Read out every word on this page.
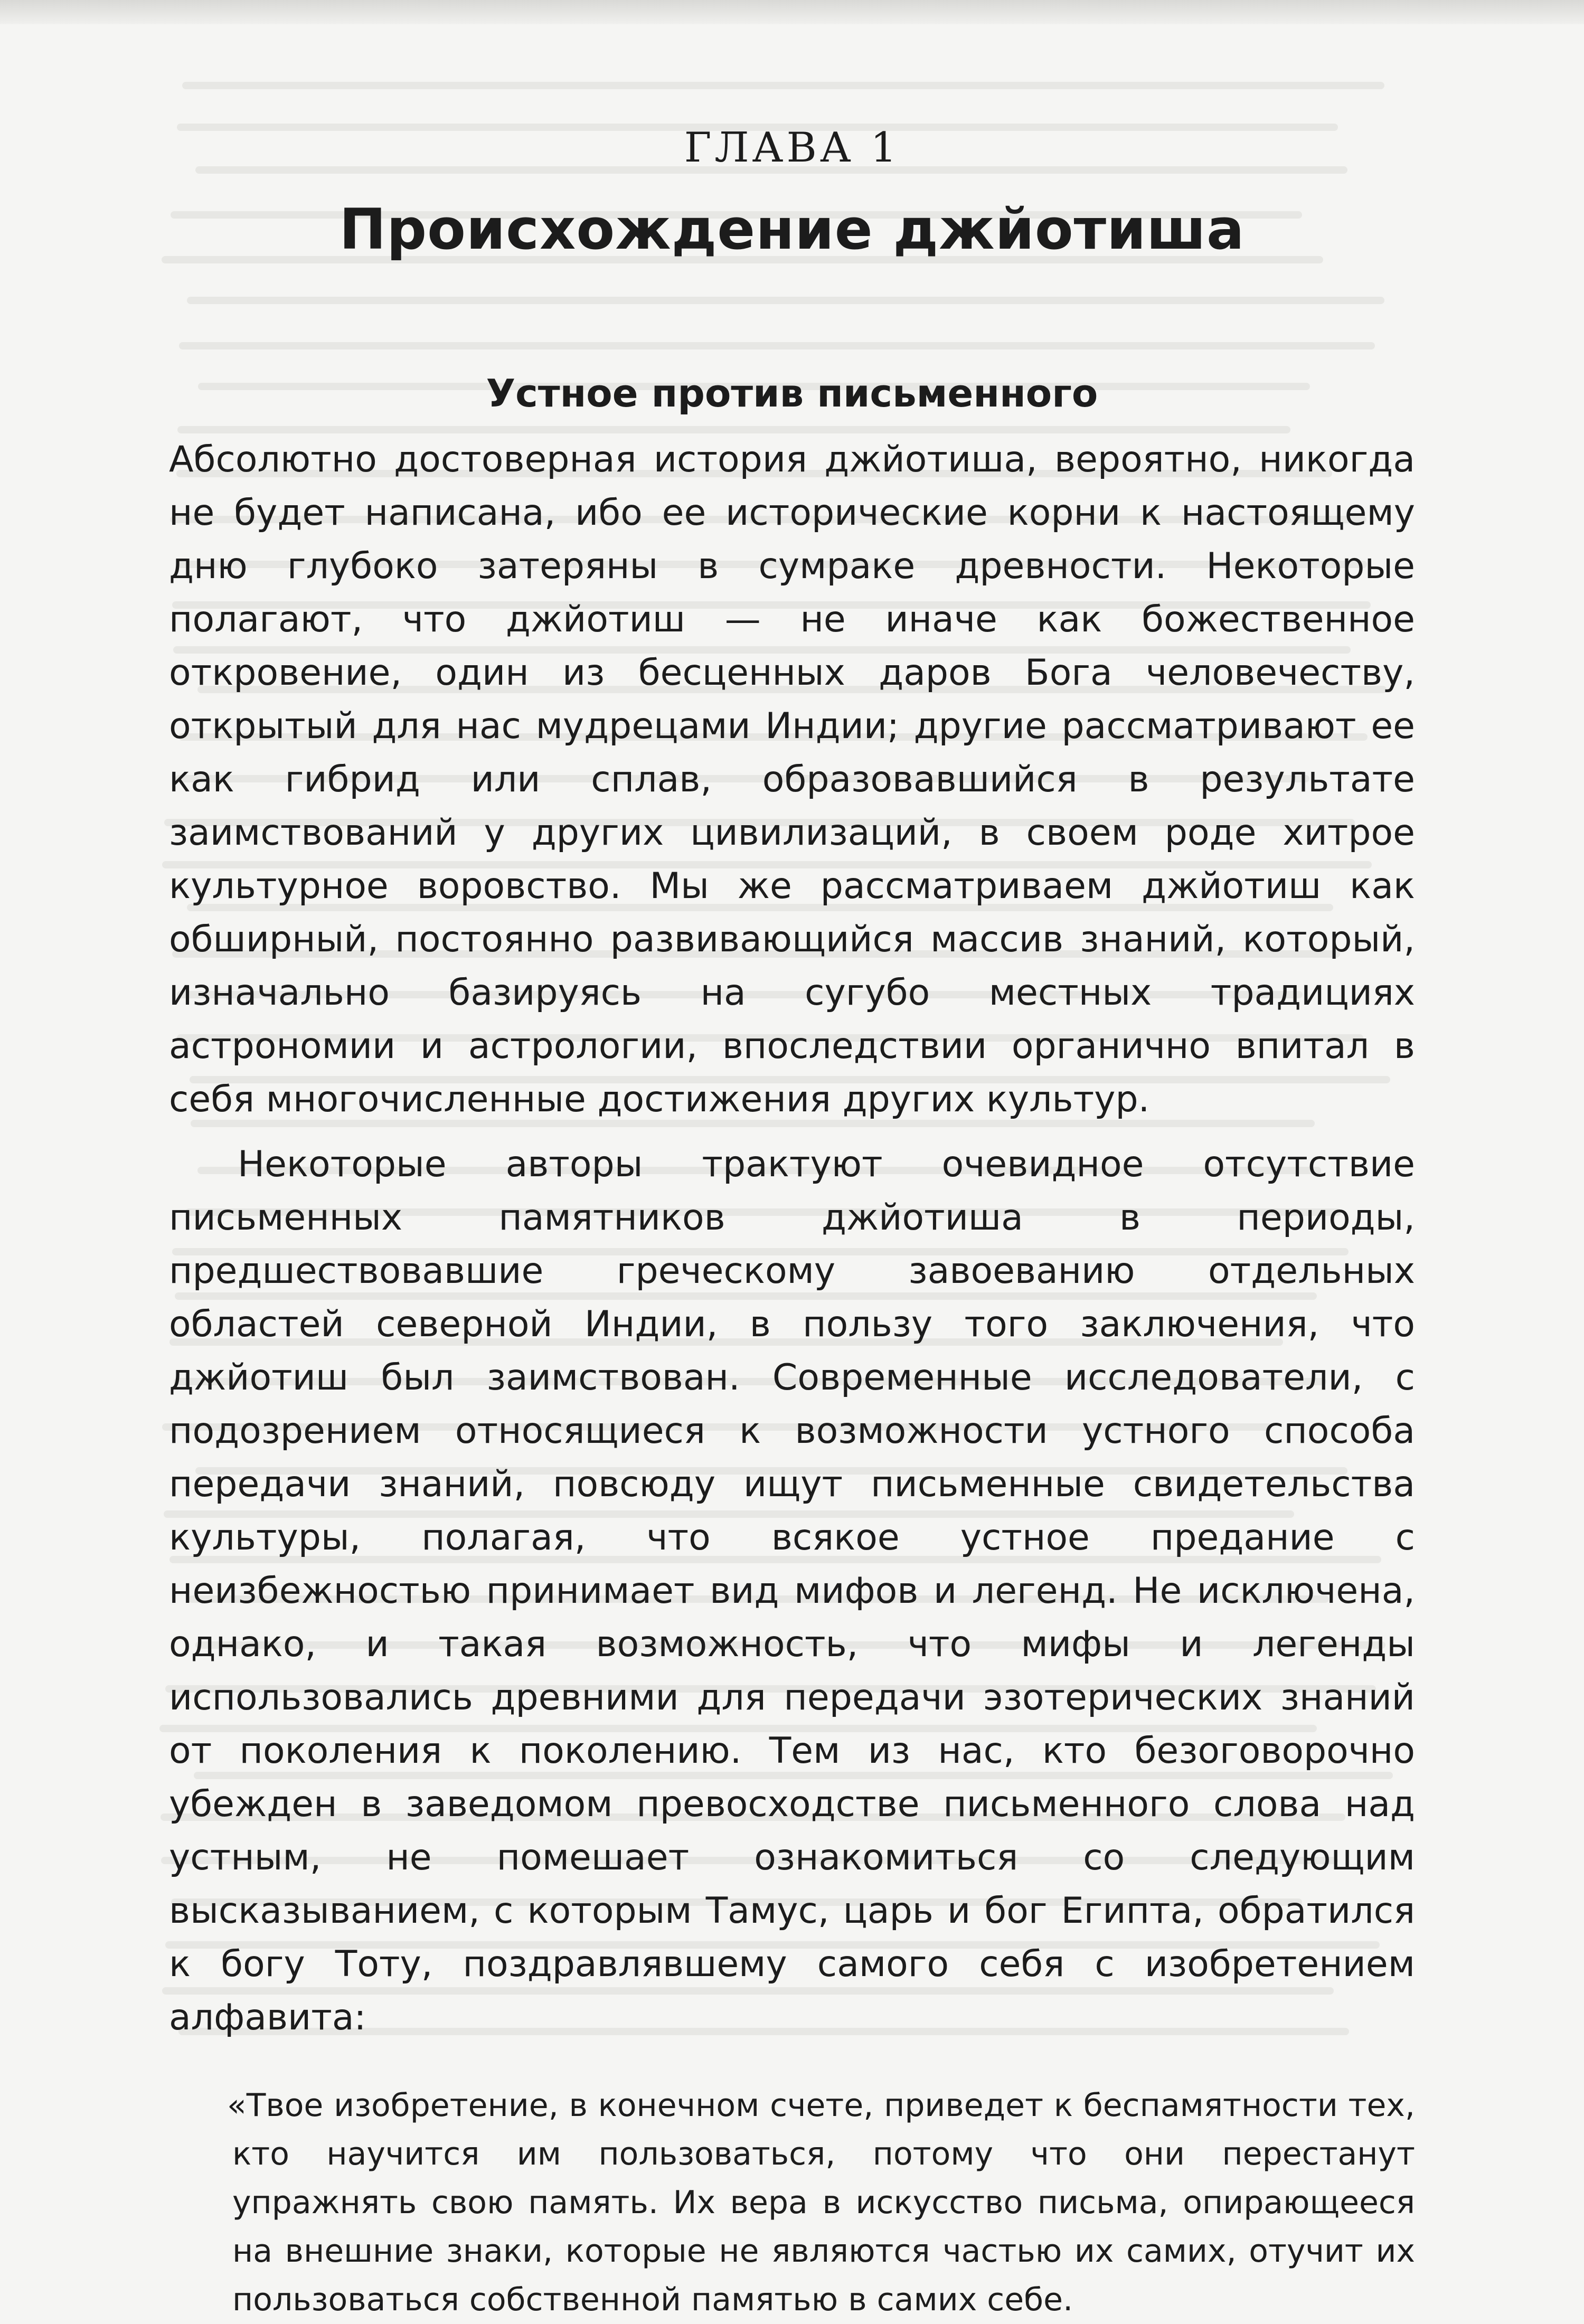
ГЛАВА 1
Происхождение джйотиша
Устное против письменного

Абсолютно достоверная история джйотиша, вероятно, никогда не будет написана, ибо ее исторические корни к настоящему дню глубоко затеряны в сумраке древности. Некоторые полагают, что джйотиш — не иначе как божественное откровение, один из бесценных даров Бога человечеству, открытый для нас мудрецами Индии; другие рассматривают ее как гибрид или сплав, образовавшийся в результате заимствований у других цивилизаций, в своем роде хитрое культурное воровство. Мы же рассматриваем джйотиш как обширный, постоянно развивающийся массив знаний, который, изначально базируясь на сугубо местных традициях астрономии и астрологии, впоследствии органично впитал в себя многочисленные достижения других культур.

Некоторые авторы трактуют очевидное отсутствие письменных памятников джйотиша в периоды, предшествовавшие греческому завоеванию отдельных областей северной Индии, в пользу того заключения, что джйотиш был заимствован. Современные исследователи, с подозрением относящиеся к возможности устного способа передачи знаний, повсюду ищут письменные свидетельства культуры, полагая, что всякое устное предание с неизбежностью принимает вид мифов и легенд. Не исключена, однако, и такая возможность, что мифы и легенды использовались древними для передачи эзотерических знаний от поколения к поколению. Тем из нас, кто безоговорочно убежден в заведомом превосходстве письменного слова над устным, не помешает ознакомиться со следующим высказыванием, с которым Тамус, царь и бог Египта, обратился к богу Тоту, поздравлявшему самого себя с изобретением алфавита:

«Твое изобретение, в конечном счете, приведет к беспамятности тех, кто научится им пользоваться, потому что они перестанут упражнять свою память. Их вера в искусство письма, опирающееся на внешние знаки, которые не являются частью их самих, отучит их пользоваться собственной памятью в самих себе.
